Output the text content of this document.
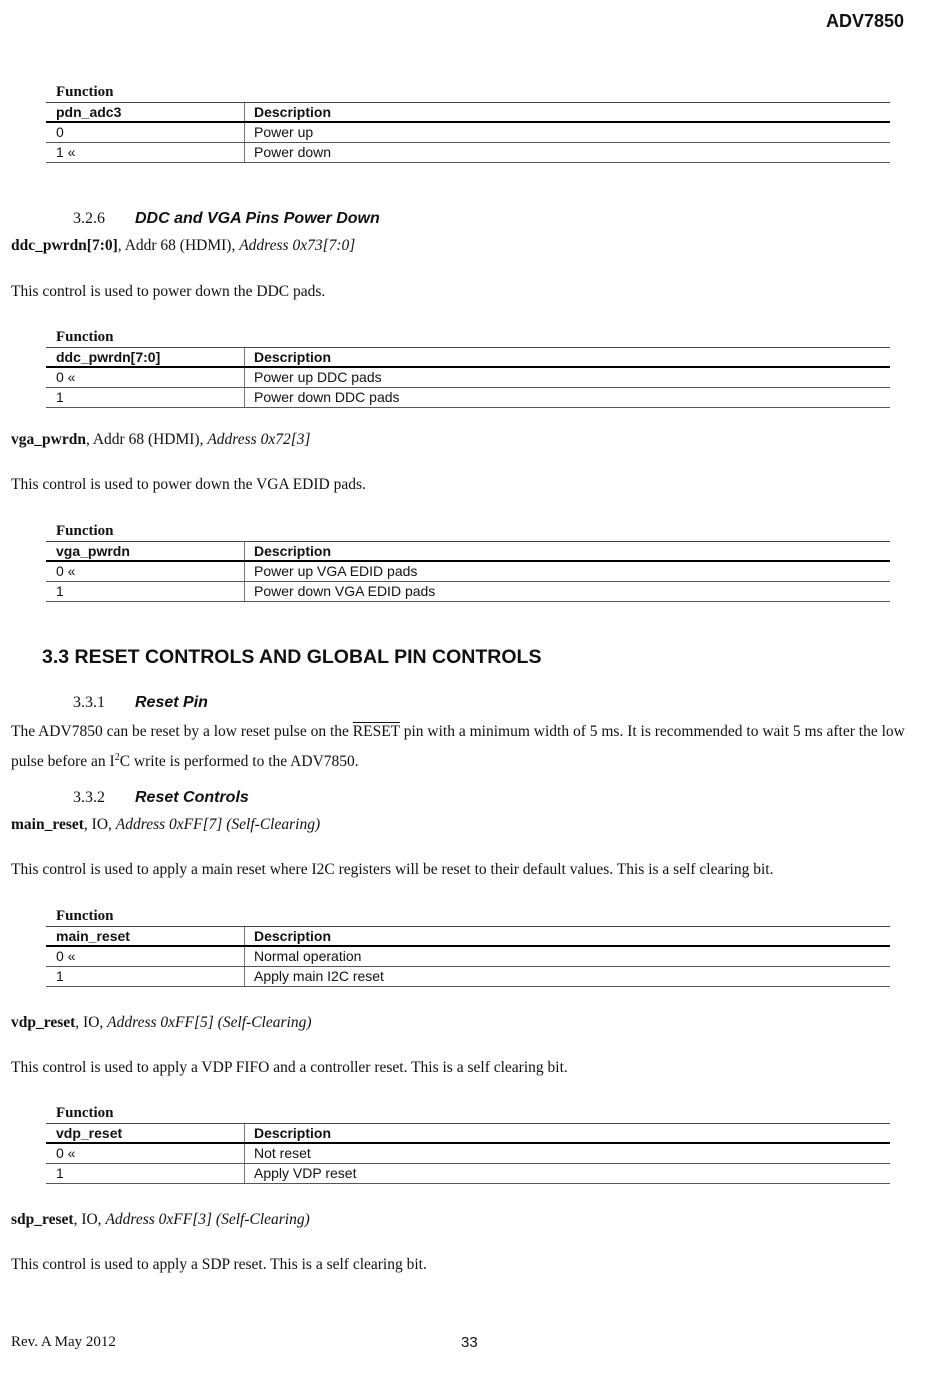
ADV7850
Function
pdn_adc3	Description
0	Power up
1 «	Power down
3.2.6 DDC and VGA Pins Power Down
ddc_pwrdn[7:0], Addr 68 (HDMI), Address 0x73[7:0]
This control is used to power down the DDC pads.
Function
ddc_pwrdn[7:0]	Description
0 «	Power up DDC pads
1	Power down DDC pads
vga_pwrdn, Addr 68 (HDMI), Address 0x72[3]
This control is used to power down the VGA EDID pads.
Function
vga_pwrdn	Description
0 «	Power up VGA EDID pads
1	Power down VGA EDID pads
3.3 RESET CONTROLS AND GLOBAL PIN CONTROLS
3.3.1 Reset Pin
The ADV7850 can be reset by a low reset pulse on the RESET pin with a minimum width of 5 ms. It is recommended to wait 5 ms after the low pulse before an $I^2C$ write is performed to the ADV7850.
3.3.2 Reset Controls
main_reset, IO, Address 0xFF[7] (Self-Clearing)
This control is used to apply a main reset where I2C registers will be reset to their default values. This is a self clearing bit.
Function
main_reset	Description
0 «	Normal operation
1	Apply main I2C reset
vdp_reset, IO, Address 0xFF[5] (Self-Clearing)
This control is used to apply a VDP FIFO and a controller reset. This is a self clearing bit.
Function
vdp_reset	Description
0 «	Not reset
1	Apply VDP reset
sdp_reset, IO, Address 0xFF[3] (Self-Clearing)
This control is used to apply a SDP reset. This is a self clearing bit.
Rev. A May 2012	33
